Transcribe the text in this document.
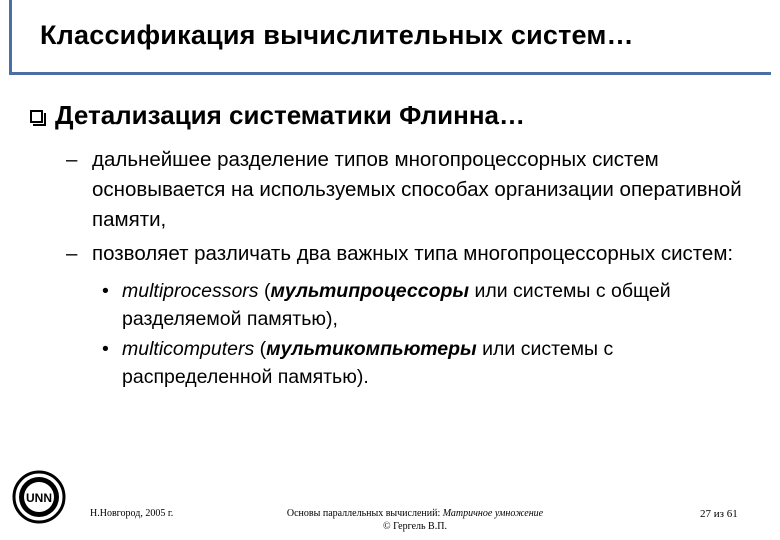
Классификация вычислительных систем…
Детализация систематики Флинна…
– дальнейшее разделение типов многопроцессорных систем основывается на используемых способах организации оперативной памяти,
– позволяет различать два важных типа многопроцессорных систем:
• multiprocessors (мультипроцессоры или системы с общей разделяемой памятью),
• multicomputers (мультикомпьютеры или системы с распределенной памятью).
UNN
Н.Новгород, 2005 г.	Основы параллельных вычислений: Матричное умножение
© Гергель В.П.
27 из 61
